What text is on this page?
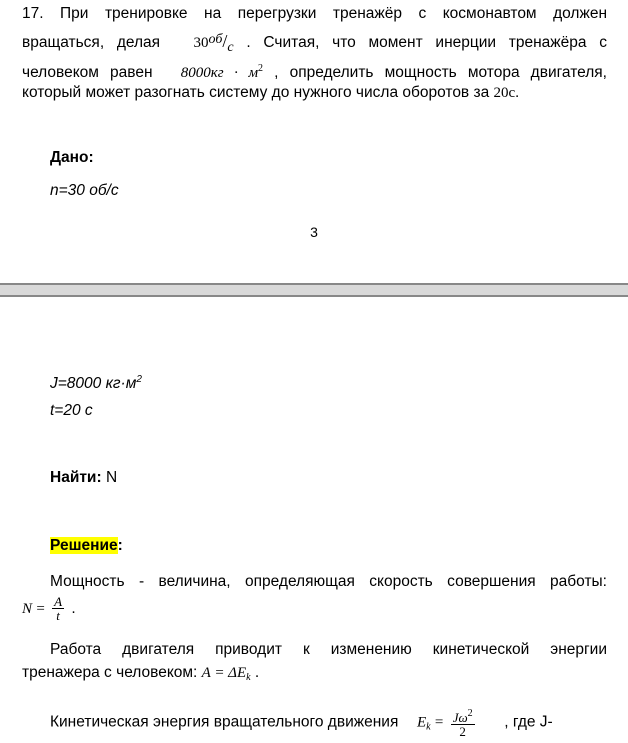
17. При тренировке на перегрузки тренажёр с космонавтом должен
вращаться, делая 30об/с . Считая, что момент инерции тренажёра с
человеком равен $8000кг \cdot м^2$ , определить мощность мотора двигателя,
который может разогнать систему до нужного числа оборотов за 20с.
Дано:
n=30 об/с
3
J=8000 $кг\cdot м^2$
t=20 с
Найти: N
Решение:
Мощность - величина, определяющая скорость совершения работы:
$N = \frac{A}{t}$ .
Работа двигателя приводит к изменению кинетической энергии
тренажера с человеком: $A = \Delta E_k$ .
Кинетическая энергия вращательного движения $E_k = \frac{J\omega^2}{2}$ , где J-
